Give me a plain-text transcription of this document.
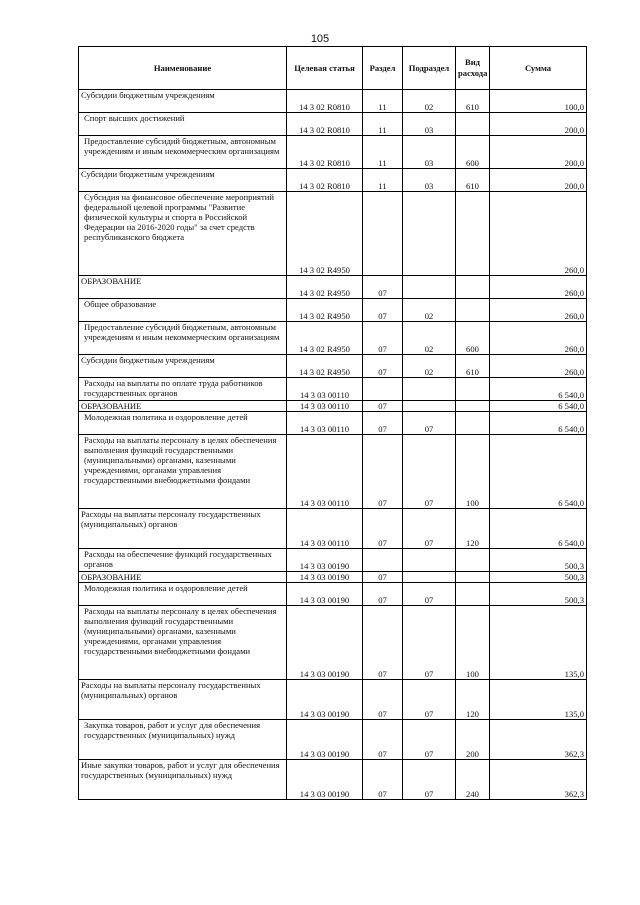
105
Наименование	Целевая статья	Раздел	Подраздел	Вид расхода	Сумма
Субсидии бюджетным учреждениям	14 3 02 R0810	11	02	610	100,0
Спорт высших достижений	14 3 02 R0810	11	03		200,0
Предоставление субсидий бюджетным, автономным учреждениям и иным некоммерческим организациям	14 3 02 R0810	11	03	600	200,0
Субсидии бюджетным учреждениям	14 3 02 R0810	11	03	610	200,0
Субсидия на финансовое обеспечение мероприятий федеральной целевой программы "Развитие физической культуры и спорта в Российской Федерации на 2016-2020 годы" за счет средств республиканского бюджета	14 3 02 R4950				260,0
ОБРАЗОВАНИЕ	14 3 02 R4950	07			260,0
Общее образование	14 3 02 R4950	07	02		260,0
Предоставление субсидий бюджетным, автономным учреждениям и иным некоммерческим организациям	14 3 02 R4950	07	02	600	260,0
Субсидии бюджетным учреждениям	14 3 02 R4950	07	02	610	260,0
Расходы на выплаты по оплате труда работников государственных органов	14 3 03 00110				6 540,0
ОБРАЗОВАНИЕ	14 3 03 00110	07			6 540,0
Молодежная политика и оздоровление детей	14 3 03 00110	07	07		6 540,0
Расходы на выплаты персоналу в целях обеспечения выполнения функций государственными (муниципальными) органами, казенными учреждениями, органами управления государственными внебюджетными фондами	14 3 03 00110	07	07	100	6 540,0
Расходы на выплаты персоналу государственных (муниципальных) органов	14 3 03 00110	07	07	120	6 540,0
Расходы на обеспечение функций государственных органов	14 3 03 00190				500,3
ОБРАЗОВАНИЕ	14 3 03 00190	07			500,3
Молодежная политика и оздоровление детей	14 3 03 00190	07	07		500,3
Расходы на выплаты персоналу в целях обеспечения выполнения функций государственными (муниципальными) органами, казенными учреждениями, органами управления государственными внебюджетными фондами	14 3 03 00190	07	07	100	135,0
Расходы на выплаты персоналу государственных (муниципальных) органов	14 3 03 00190	07	07	120	135,0
Закупка товаров, работ и услуг для обеспечения государственных (муниципальных) нужд	14 3 03 00190	07	07	200	362,3
Иные закупки товаров, работ и услуг для обеспечения государственных (муниципальных) нужд	14 3 03 00190	07	07	240	362,3
